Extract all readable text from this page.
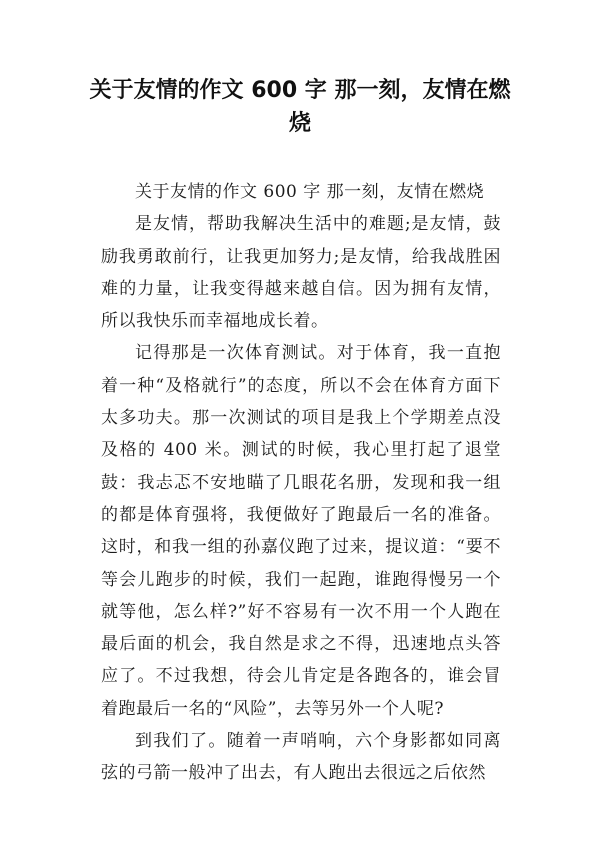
关于友情的作文 600 字 那一刻，友情在燃烧

关于友情的作文 600 字 那一刻，友情在燃烧

是友情，帮助我解决生活中的难题;是友情，鼓励我勇敢前行，让我更加努力;是友情，给我战胜困难的力量，让我变得越来越自信。因为拥有友情，所以我快乐而幸福地成长着。

记得那是一次体育测试。对于体育，我一直抱着一种“及格就行”的态度，所以不会在体育方面下太多功夫。那一次测试的项目是我上个学期差点没及格的 400 米。测试的时候，我心里打起了退堂鼓：我忐忑不安地瞄了几眼花名册，发现和我一组的都是体育强将，我便做好了跑最后一名的准备。这时，和我一组的孙嘉仪跑了过来，提议道：“要不等会儿跑步的时候，我们一起跑，谁跑得慢另一个就等他，怎么样?”好不容易有一次不用一个人跑在最后面的机会，我自然是求之不得，迅速地点头答应了。不过我想，待会儿肯定是各跑各的，谁会冒着跑最后一名的“风险”，去等另外一个人呢?

到我们了。随着一声哨响，六个身影都如同离弦的弓箭一般冲了出去，有人跑出去很远之后依然
